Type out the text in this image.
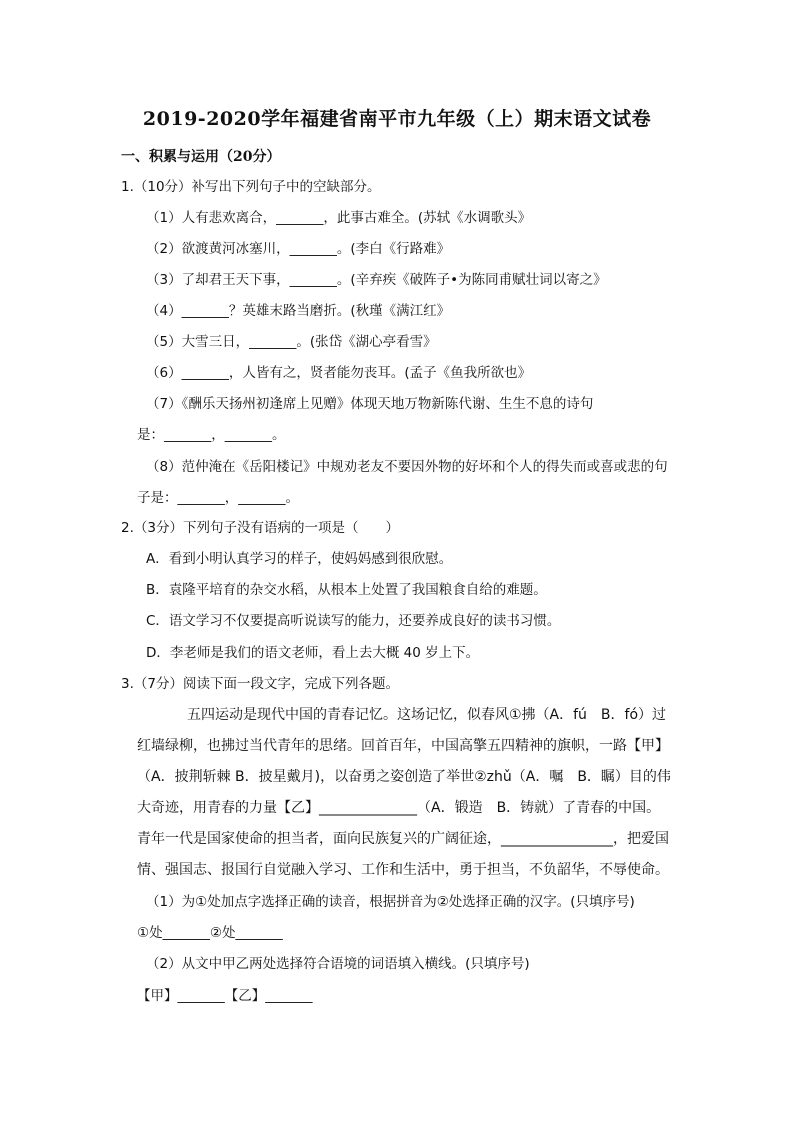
2019-2020学年福建省南平市九年级（上）期末语文试卷
一、积累与运用（20分）
1.（10分）补写出下列句子中的空缺部分。
（1）人有悲欢离合，_______，此事古难全。(苏轼《水调歌头》
（2）欲渡黄河冰塞川，_______。(李白《行路难》
（3）了却君王天下事，_______。(辛弃疾《破阵子•为陈同甫赋壮词以寄之》
（4）_______？英雄末路当磨折。(秋瑾《满江红》
（5）大雪三日，_______。(张岱《湖心亭看雪》
（6）_______，人皆有之，贤者能勿丧耳。(孟子《鱼我所欲也》
（7）《酬乐天扬州初逢席上见赠》体现天地万物新陈代谢、生生不息的诗句
是：_______，_______。
（8）范仲淹在《岳阳楼记》中规劝老友不要因外物的好坏和个人的得失而或喜或悲的句
子是：_______，_______。
2.（3分）下列句子没有语病的一项是（　　）
A．看到小明认真学习的样子，使妈妈感到很欣慰。
B．袁隆平培育的杂交水稻，从根本上处置了我国粮食自给的难题。
C．语文学习不仅要提高听说读写的能力，还要养成良好的读书习惯。
D．李老师是我们的语文老师，看上去大概 40 岁上下。
3.（7分）阅读下面一段文字，完成下列各题。
五四运动是现代中国的青春记忆。这场记忆，似春风①拂（A．fú　B．fó）过
红墙绿柳，也拂过当代青年的思绪。回首百年，中国高擎五四精神的旗帜，一路【甲】
（A．披荆斩棘 B．披星戴月)，以奋勇之姿创造了举世②zhǔ（A．嘱　B．瞩）目的伟
大奇迹，用青春的力量【乙】______________（A．锻造　B．铸就）了青春的中国。
青年一代是国家使命的担当者，面向民族复兴的广阔征途，________________，把爱国
情、强国志、报国行自觉融入学习、工作和生活中，勇于担当，不负韶华，不辱使命。
（1）为①处加点字选择正确的读音，根据拼音为②处选择正确的汉字。(只填序号)
①处_______②处_______
（2）从文中甲乙两处选择符合语境的词语填入横线。(只填序号)
【甲】_______【乙】_______
